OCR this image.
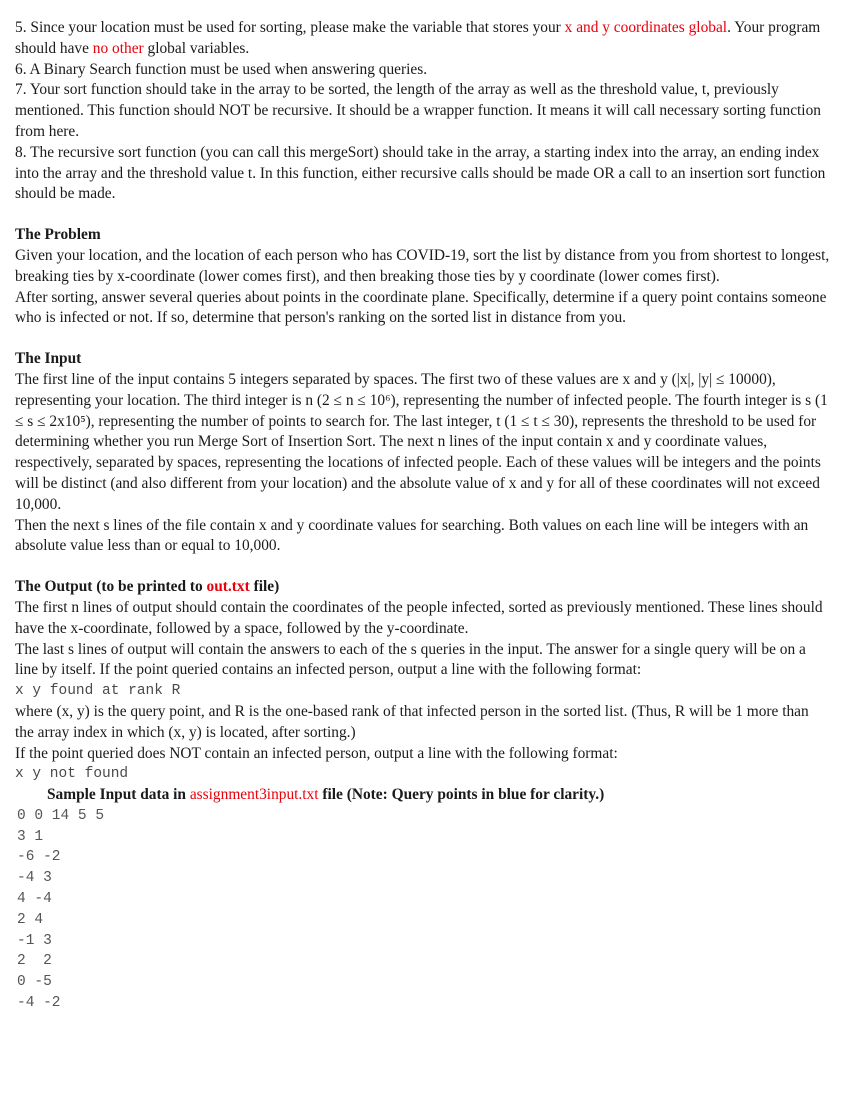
5. Since your location must be used for sorting, please make the variable that stores your x and y coordinates global. Your program should have no other global variables.

6. A Binary Search function must be used when answering queries.

7. Your sort function should take in the array to be sorted, the length of the array as well as the threshold value, t, previously mentioned. This function should NOT be recursive. It should be a wrapper function. It means it will call necessary sorting function from here.

8. The recursive sort function (you can call this mergeSort) should take in the array, a starting index into the array, an ending index into the array and the threshold value t. In this function, either recursive calls should be made OR a call to an insertion sort function should be made.

The Problem

Given your location, and the location of each person who has COVID-19, sort the list by distance from you from shortest to longest, breaking ties by x-coordinate (lower comes first), and then breaking those ties by y coordinate (lower comes first).

After sorting, answer several queries about points in the coordinate plane. Specifically, determine if a query point contains someone who is infected or not. If so, determine that person's ranking on the sorted list in distance from you.

The Input

The first line of the input contains 5 integers separated by spaces. The first two of these values are x and y (|x|, |y| ≤ 10000), representing your location. The third integer is n (2 ≤ n ≤ 10⁶), representing the number of infected people. The fourth integer is s (1 ≤ s ≤ 2x10⁵), representing the number of points to search for. The last integer, t (1 ≤ t ≤ 30), represents the threshold to be used for determining whether you run Merge Sort of Insertion Sort. The next n lines of the input contain x and y coordinate values, respectively, separated by spaces, representing the locations of infected people. Each of these values will be integers and the points will be distinct (and also different from your location) and the absolute value of x and y for all of these coordinates will not exceed 10,000.

Then the next s lines of the file contain x and y coordinate values for searching. Both values on each line will be integers with an absolute value less than or equal to 10,000.

The Output (to be printed to out.txt file)

The first n lines of output should contain the coordinates of the people infected, sorted as previously mentioned. These lines should have the x-coordinate, followed by a space, followed by the y-coordinate.

The last s lines of output will contain the answers to each of the s queries in the input. The answer for a single query will be on a line by itself. If the point queried contains an infected person, output a line with the following format:

x y found at rank R

where (x, y) is the query point, and R is the one-based rank of that infected person in the sorted list. (Thus, R will be 1 more than the array index in which (x, y) is located, after sorting.)

If the point queried does NOT contain an infected person, output a line with the following format:

x y not found

Sample Input data in assignment3input.txt file (Note: Query points in blue for clarity.)

0 0 14 5 5

3 1

-6 -2

-4 3

4 -4

2 4

-1 3

2  2

0 -5

-4 -2
